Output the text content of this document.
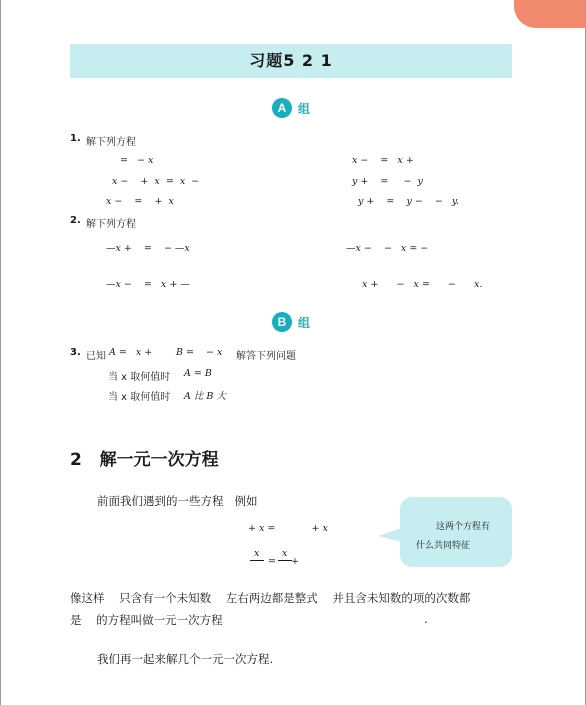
习题5 2 1
A 组
1. 解下列方程
=   − x	x −    =   x +
x −    +  x  =  x  −	y +    =     −  y
x −    =    +  x	y +    =    y −    −   y.
2. 解下列方程
—x +    =    − —x	—x −    −   x = −
—x −    =   x + —	x +      −   x =      −      x.
B 组
3. 已知 A =   x +	B =    − x 解答下列问题
当 x 取何值时 A = B
当 x 取何值时 A 比 B 大
2   解一元一次方程
前面我们遇到的一些方程   例如
+ x =            + x
x x
=     +
这两个方程有
什么共同特征
像这样    只含有一个未知数    左右两边都是整式    并且含未知数的项的次数都
是    的方程叫做一元一次方程	.
我们再一起来解几个一元一次方程.
